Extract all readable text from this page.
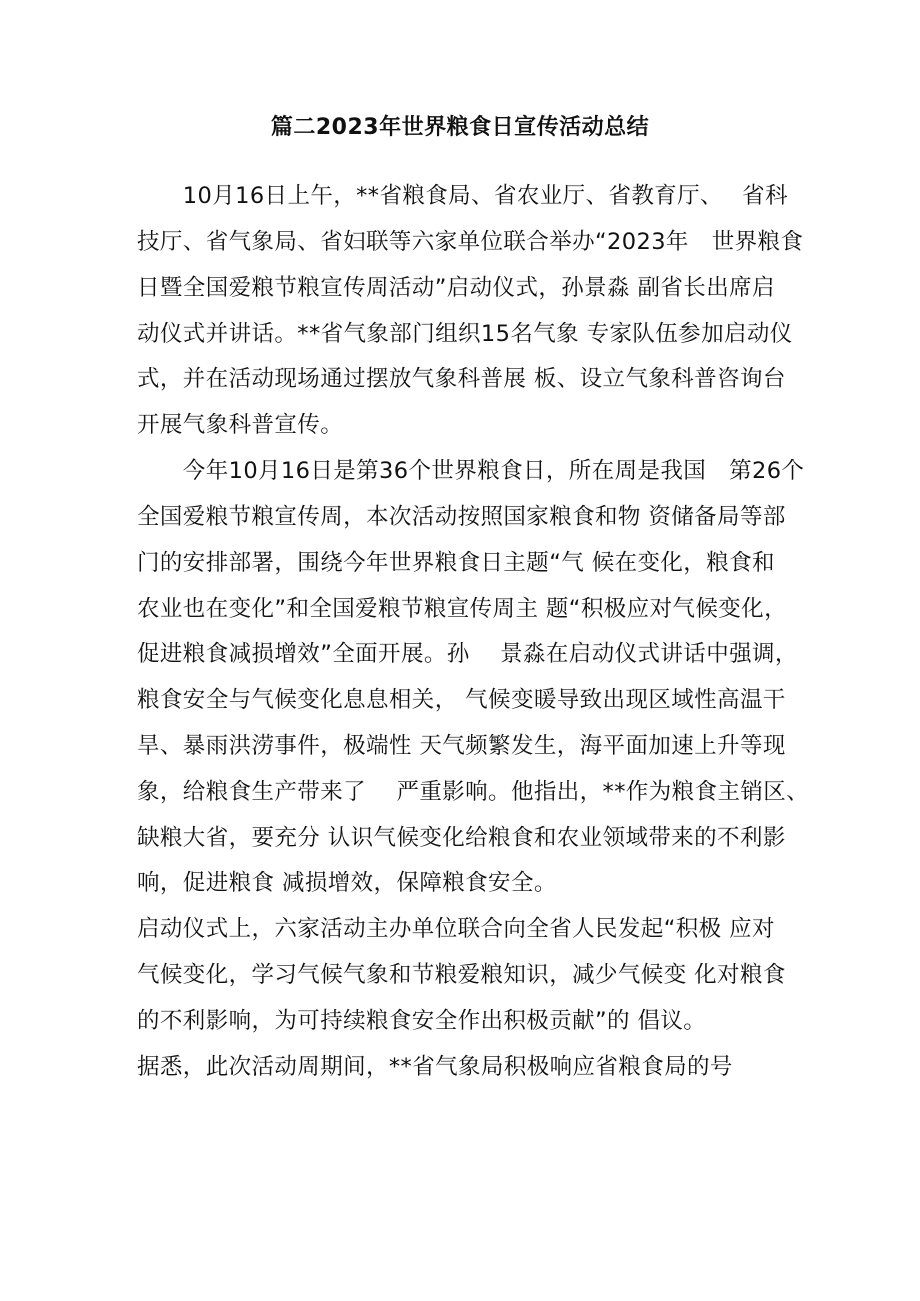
篇二2023年世界粮食日宣传活动总结
　　10月16日上午，**省粮食局、省农业厅、省教育厅、　 省科
技厅、省气象局、省妇联等六家单位联合举办“2023年　世界粮食
日暨全国爱粮节粮宣传周活动”启动仪式，孙景淼 副省长出席启
动仪式并讲话。**省气象部门组织15名气象 专家队伍参加启动仪
式，并在活动现场通过摆放气象科普展 板、设立气象科普咨询台
开展气象科普宣传。
　　今年10月16日是第36个世界粮食日，所在周是我国　第26个
全国爱粮节粮宣传周，本次活动按照国家粮食和物 资储备局等部
门的安排部署，围绕今年世界粮食日主题“气 候在变化，粮食和
农业也在变化”和全国爱粮节粮宣传周主 题“积极应对气候变化，
促进粮食减损增效”全面开展。孙　 景淼在启动仪式讲话中强调，
粮食安全与气候变化息息相关， 气候变暖导致出现区域性高温干
旱、暴雨洪涝事件，极端性 天气频繁发生，海平面加速上升等现
象，给粮食生产带来了　 严重影响。他指出，**作为粮食主销区、
缺粮大省，要充分 认识气候变化给粮食和农业领域带来的不利影
响，促进粮食 减损增效，保障粮食安全。
启动仪式上，六家活动主办单位联合向全省人民发起“积极 应对
气候变化，学习气候气象和节粮爱粮知识，减少气候变 化对粮食
的不利影响，为可持续粮食安全作出积极贡献”的 倡议。
据悉，此次活动周期间，**省气象局积极响应省粮食局的号
